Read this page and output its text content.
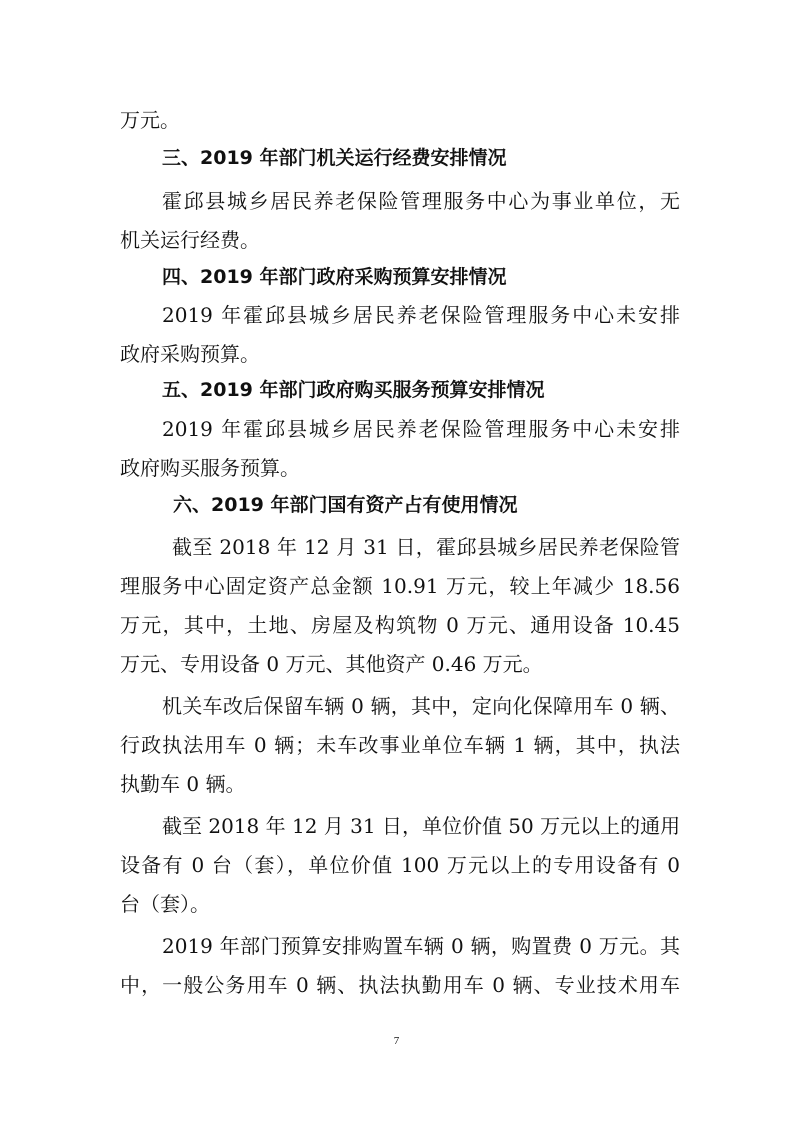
万元。
三、2019 年部门机关运行经费安排情况
霍邱县城乡居民养老保险管理服务中心为事业单位，无
机关运行经费。
四、2019 年部门政府采购预算安排情况
2019 年霍邱县城乡居民养老保险管理服务中心未安排
政府采购预算。
五、2019 年部门政府购买服务预算安排情况
2019 年霍邱县城乡居民养老保险管理服务中心未安排
政府购买服务预算。
六、2019 年部门国有资产占有使用情况
截至 2018 年 12 月 31 日，霍邱县城乡居民养老保险管
理服务中心固定资产总金额 10.91 万元，较上年减少 18.56
万元，其中，土地、房屋及构筑物 0 万元、通用设备 10.45
万元、专用设备 0 万元、其他资产 0.46 万元。
机关车改后保留车辆 0 辆，其中，定向化保障用车 0 辆、
行政执法用车 0 辆；未车改事业单位车辆 1 辆，其中，执法
执勤车 0 辆。
截至 2018 年 12 月 31 日，单位价值 50 万元以上的通用
设备有 0 台（套），单位价值 100 万元以上的专用设备有 0
台（套）。
2019 年部门预算安排购置车辆 0 辆，购置费 0 万元。其
中，一般公务用车 0 辆、执法执勤用车 0 辆、专业技术用车
7
